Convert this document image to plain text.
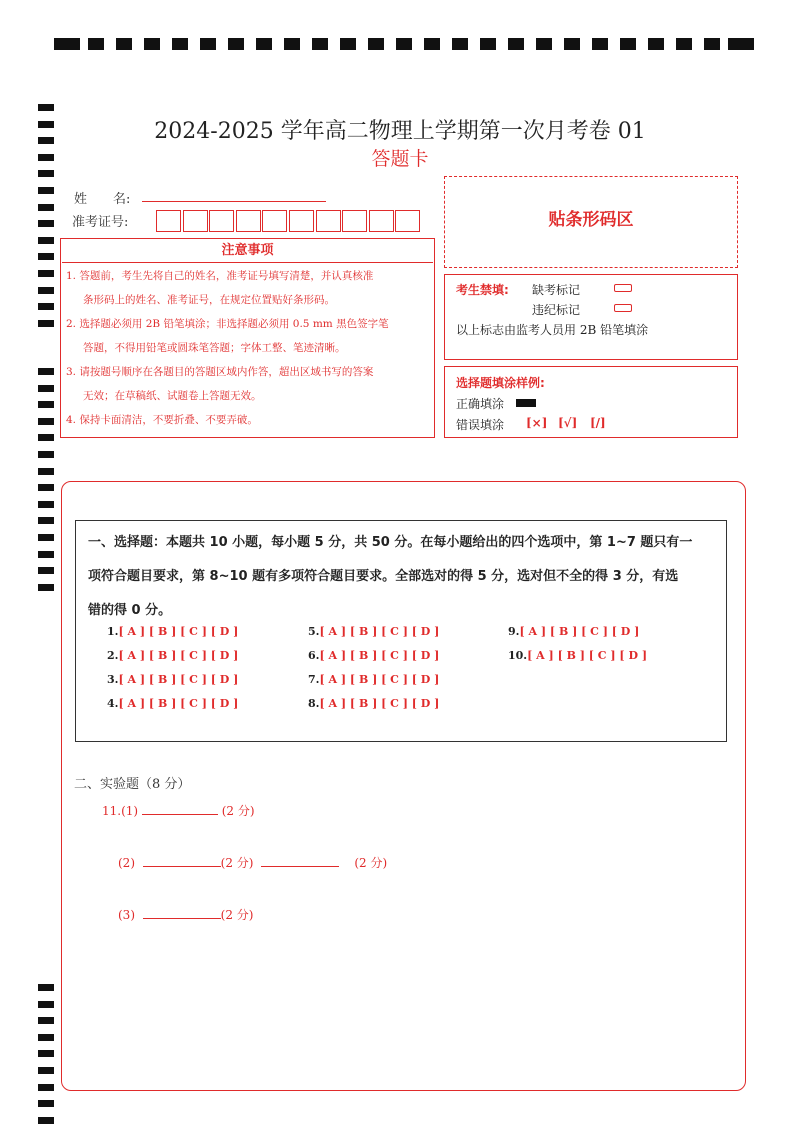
2024-2025 学年高二物理上学期第一次月考卷 01
答题卡
姓　　名:
准考证号:	贴条形码区
注意事项
1. 答题前，考生先将自己的姓名，准考证号填写清楚，并认真核准
条形码上的姓名、准考证号，在规定位置贴好条形码。
2. 选择题必须用 2B 铅笔填涂；非选择题必须用 0.5 mm 黑色签字笔
答题，不得用铅笔或圆珠笔答题；字体工整、笔迹清晰。
3. 请按题号顺序在各题目的答题区域内作答，超出区域书写的答案
无效；在草稿纸、试题卷上答题无效。
4. 保持卡面清洁，不要折叠、不要弄破。
考生禁填: 缺考标记
违纪标记
以上标志由监考人员用 2B 铅笔填涂
选择题填涂样例:
正确填涂
错误填涂 [×] [√] [/]
一、选择题：本题共 10 小题，每小题 5 分，共 50 分。在每小题给出的四个选项中，第 1~7 题只有一
项符合题目要求，第 8~10 题有多项符合题目要求。全部选对的得 5 分，选对但不全的得 3 分，有选
错的得 0 分。
1.[ A ] [ B ] [ C ] [ D ]
2.[ A ] [ B ] [ C ] [ D ]
3.[ A ] [ B ] [ C ] [ D ]
4.[ A ] [ B ] [ C ] [ D ]
5.[ A ] [ B ] [ C ] [ D ]
6.[ A ] [ B ] [ C ] [ D ]
7.[ A ] [ B ] [ C ] [ D ]
8.[ A ] [ B ] [ C ] [ D ]
9.[ A ] [ B ] [ C ] [ D ]
10.[ A ] [ B ] [ C ] [ D ]
二、实验题（8 分）
11.(1)	(2 分)
(2)	(2 分)	(2 分)
(3)	(2 分)
